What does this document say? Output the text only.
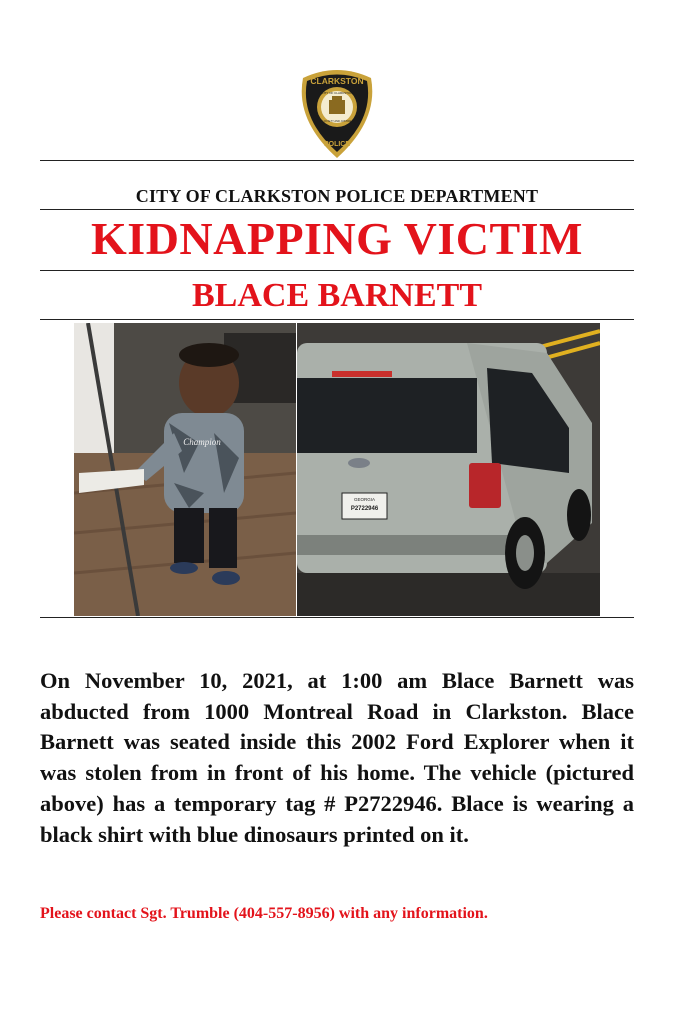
CLARKSTON
POLICE
CITY OF CLARKSTON
LOYALTY AND JUSTICE
CITY OF CLARKSTON POLICE DEPARTMENT
KIDNAPPING VICTIM
BLACE BARNETT
Champion
GEORGIA
P2722946

On November 10, 2021, at 1:00 am Blace Barnett was abducted from 1000 Montreal Road in Clarkston. Blace Barnett was seated inside this 2002 Ford Explorer when it was stolen from in front of his home. The vehicle (pictured above) has a temporary tag # P2722946. Blace is wearing a black shirt with blue dinosaurs printed on it.

Please contact Sgt. Trumble (404-557-8956) with any information.
